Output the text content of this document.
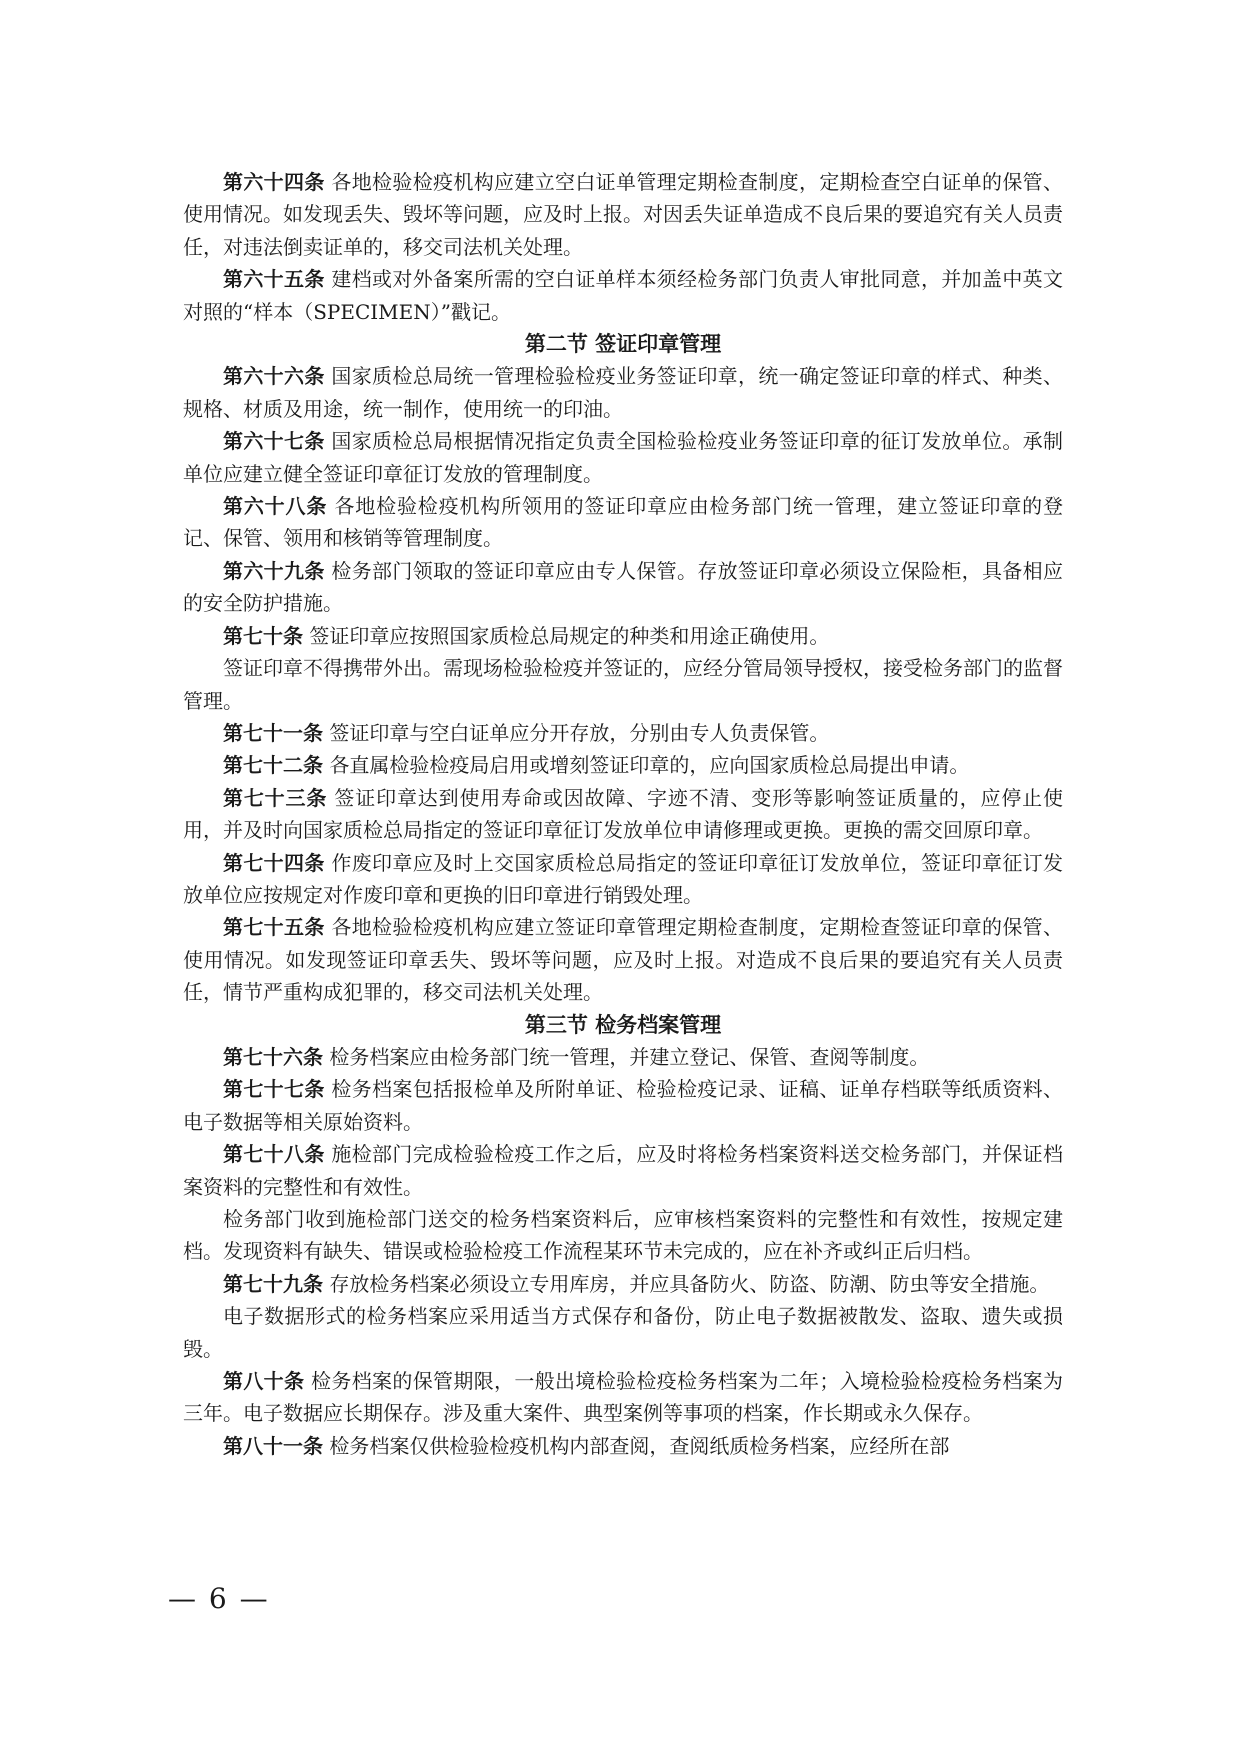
第六十四条 各地检验检疫机构应建立空白证单管理定期检查制度，定期检查空白证单的保管、使用情况。如发现丢失、毁坏等问题，应及时上报。对因丢失证单造成不良后果的要追究有关人员责任，对违法倒卖证单的，移交司法机关处理。

第六十五条 建档或对外备案所需的空白证单样本须经检务部门负责人审批同意，并加盖中英文对照的“样本（SPECIMEN）”戳记。

第二节 签证印章管理

第六十六条 国家质检总局统一管理检验检疫业务签证印章，统一确定签证印章的样式、种类、规格、材质及用途，统一制作，使用统一的印油。

第六十七条 国家质检总局根据情况指定负责全国检验检疫业务签证印章的征订发放单位。承制单位应建立健全签证印章征订发放的管理制度。

第六十八条 各地检验检疫机构所领用的签证印章应由检务部门统一管理，建立签证印章的登记、保管、领用和核销等管理制度。

第六十九条 检务部门领取的签证印章应由专人保管。存放签证印章必须设立保险柜，具备相应的安全防护措施。

第七十条 签证印章应按照国家质检总局规定的种类和用途正确使用。

签证印章不得携带外出。需现场检验检疫并签证的，应经分管局领导授权，接受检务部门的监督管理。

第七十一条 签证印章与空白证单应分开存放，分别由专人负责保管。

第七十二条 各直属检验检疫局启用或增刻签证印章的，应向国家质检总局提出申请。

第七十三条 签证印章达到使用寿命或因故障、字迹不清、变形等影响签证质量的，应停止使用，并及时向国家质检总局指定的签证印章征订发放单位申请修理或更换。更换的需交回原印章。

第七十四条 作废印章应及时上交国家质检总局指定的签证印章征订发放单位，签证印章征订发放单位应按规定对作废印章和更换的旧印章进行销毁处理。

第七十五条 各地检验检疫机构应建立签证印章管理定期检查制度，定期检查签证印章的保管、使用情况。如发现签证印章丢失、毁坏等问题，应及时上报。对造成不良后果的要追究有关人员责任，情节严重构成犯罪的，移交司法机关处理。

第三节 检务档案管理

第七十六条 检务档案应由检务部门统一管理，并建立登记、保管、查阅等制度。

第七十七条 检务档案包括报检单及所附单证、检验检疫记录、证稿、证单存档联等纸质资料、电子数据等相关原始资料。

第七十八条 施检部门完成检验检疫工作之后，应及时将检务档案资料送交检务部门，并保证档案资料的完整性和有效性。

检务部门收到施检部门送交的检务档案资料后，应审核档案资料的完整性和有效性，按规定建档。发现资料有缺失、错误或检验检疫工作流程某环节未完成的，应在补齐或纠正后归档。

第七十九条 存放检务档案必须设立专用库房，并应具备防火、防盗、防潮、防虫等安全措施。

电子数据形式的检务档案应采用适当方式保存和备份，防止电子数据被散发、盗取、遗失或损毁。

第八十条 检务档案的保管期限，一般出境检验检疫检务档案为二年；入境检验检疫检务档案为三年。电子数据应长期保存。涉及重大案件、典型案例等事项的档案，作长期或永久保存。

第八十一条 检务档案仅供检验检疫机构内部查阅，查阅纸质检务档案，应经所在部

— 6 —
